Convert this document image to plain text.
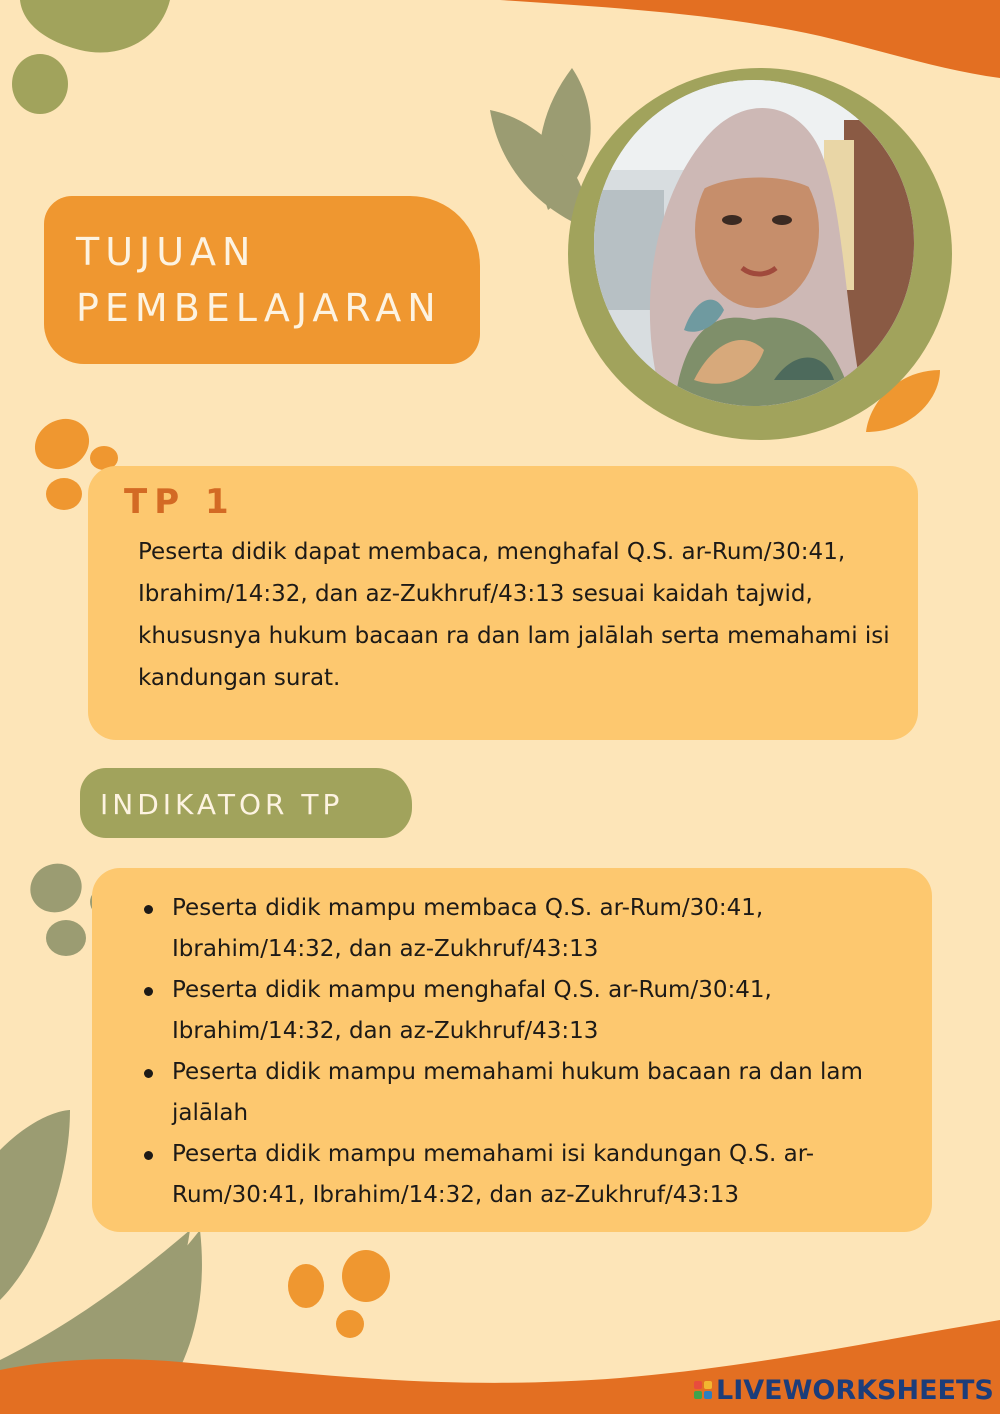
TUJUAN
PEMBELAJARAN
TP 1
Peserta didik dapat membaca, menghafal Q.S. ar-Rum/30:41, Ibrahim/14:32, dan az-Zukhruf/43:13 sesuai kaidah tajwid, khususnya hukum bacaan ra dan lam jalālah serta memahami isi kandungan surat.
INDIKATOR TP
Peserta didik mampu membaca Q.S. ar-Rum/30:41, Ibrahim/14:32, dan az-Zukhruf/43:13
Peserta didik mampu menghafal Q.S. ar-Rum/30:41, Ibrahim/14:32, dan az-Zukhruf/43:13
Peserta didik mampu memahami hukum bacaan ra dan lam jalālah
Peserta didik mampu memahami isi kandungan Q.S. ar-Rum/30:41, Ibrahim/14:32, dan az-Zukhruf/43:13
LIVEWORKSHEETS
